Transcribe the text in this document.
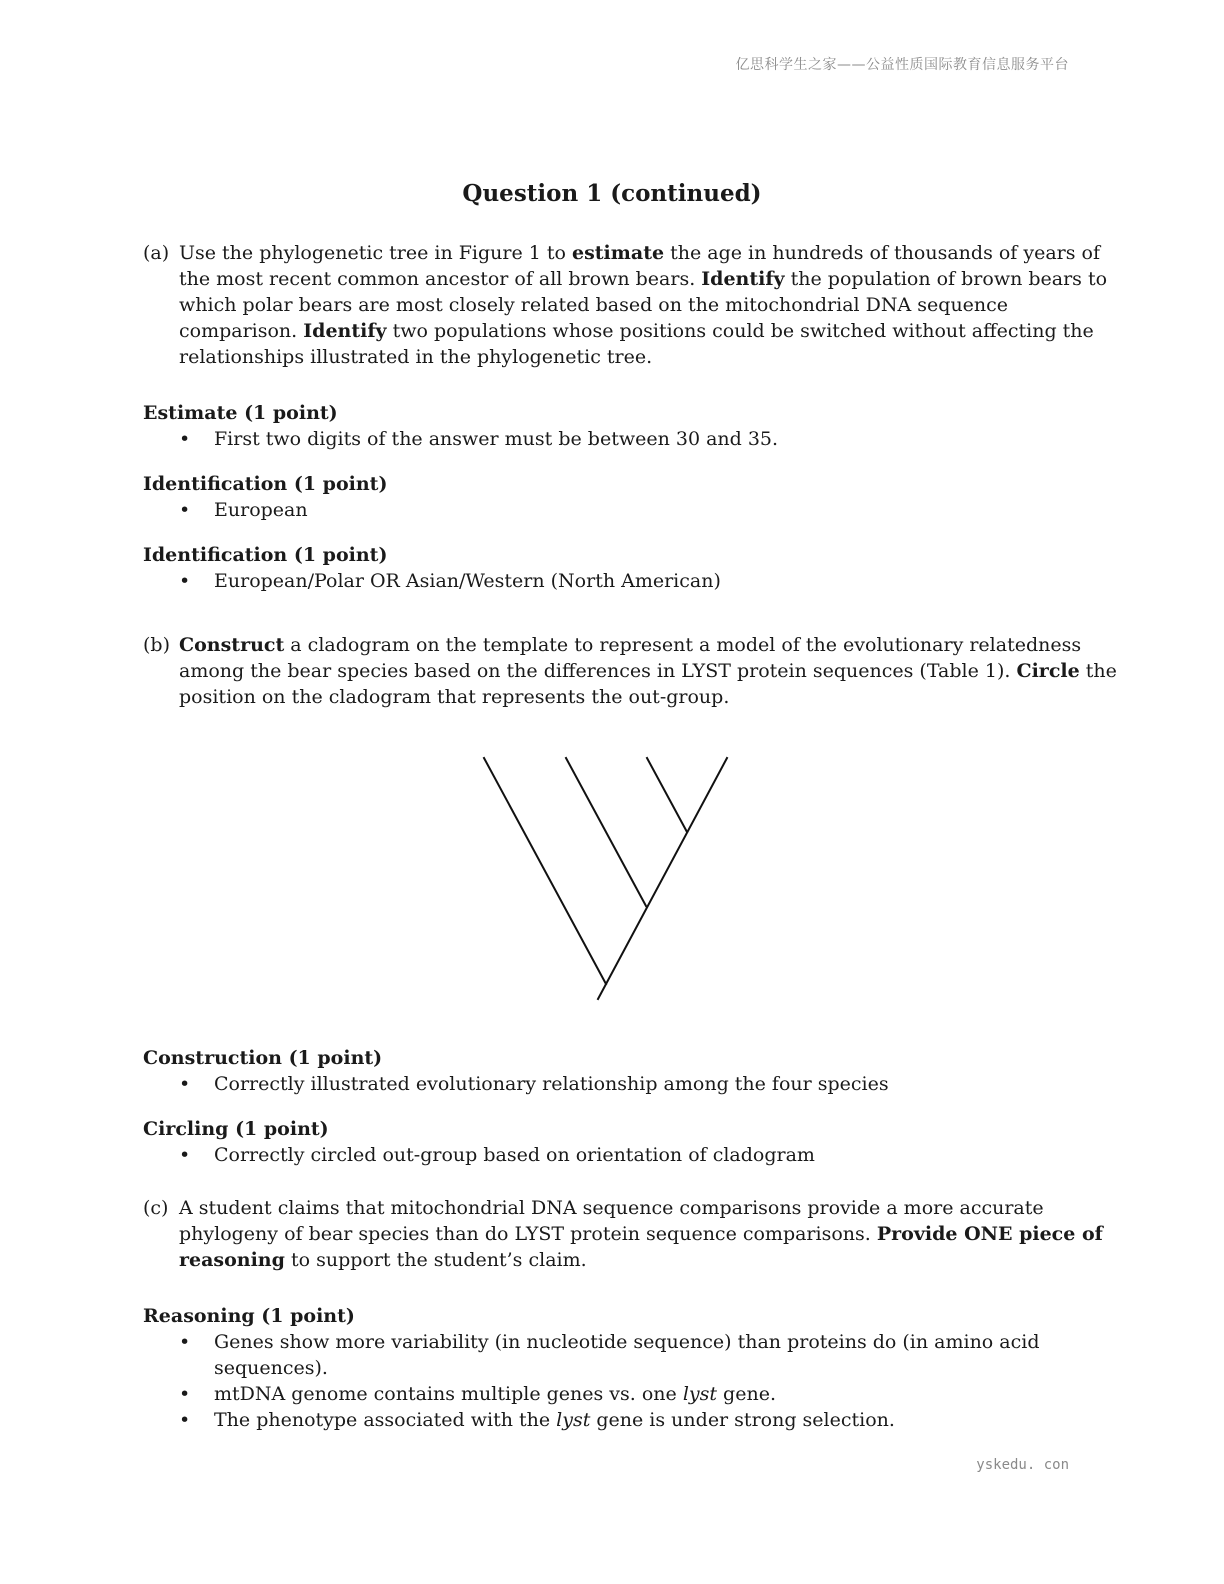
亿思科学生之家——公益性质国际教育信息服务平台
Question 1 (continued)
(a) Use the phylogenetic tree in Figure 1 to estimate the age in hundreds of thousands of years of the most recent common ancestor of all brown bears. Identify the population of brown bears to which polar bears are most closely related based on the mitochondrial DNA sequence comparison. Identify two populations whose positions could be switched without affecting the relationships illustrated in the phylogenetic tree.
Estimate (1 point)
• First two digits of the answer must be between 30 and 35.
Identification (1 point)
• European
Identification (1 point)
• European/Polar OR Asian/Western (North American)
(b) Construct a cladogram on the template to represent a model of the evolutionary relatedness among the bear species based on the differences in LYST protein sequences (Table 1). Circle the position on the cladogram that represents the out-group.
Construction (1 point)
• Correctly illustrated evolutionary relationship among the four species
Circling (1 point)
• Correctly circled out-group based on orientation of cladogram
(c) A student claims that mitochondrial DNA sequence comparisons provide a more accurate phylogeny of bear species than do LYST protein sequence comparisons. Provide ONE piece of reasoning to support the student’s claim.
Reasoning (1 point)
• Genes show more variability (in nucleotide sequence) than proteins do (in amino acid sequences).
• mtDNA genome contains multiple genes vs. one lyst gene.
• The phenotype associated with the lyst gene is under strong selection.
yskedu. con
